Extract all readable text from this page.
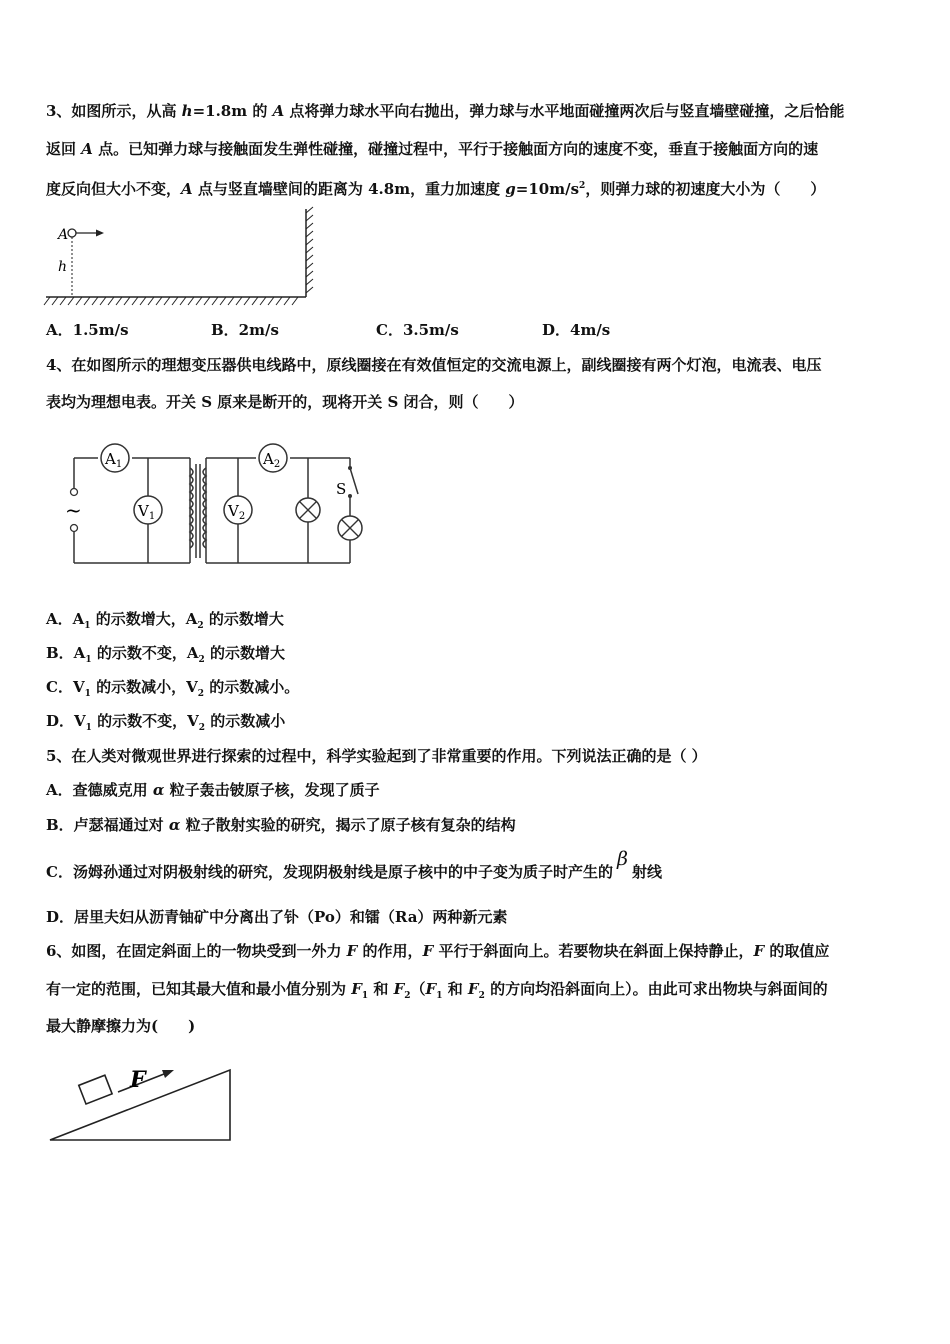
3、如图所示，从高 h=1.8m 的 A 点将弹力球水平向右抛出，弹力球与水平地面碰撞两次后与竖直墙壁碰撞，之后恰能
返回 A 点。已知弹力球与接触面发生弹性碰撞，碰撞过程中，平行于接触面方向的速度不变，垂直于接触面方向的速
度反向但大小不变，A 点与竖直墙壁间的距离为 4.8m，重力加速度 $g=10m/s^2$，则弹力球的初速度大小为（　　）
A
h
A．1.5m/s	B．2m/s	C．3.5m/s	D．4m/s
4、在如图所示的理想变压器供电线路中，原线圈接在有效值恒定的交流电源上，副线圈接有两个灯泡，电流表、电压
表均为理想电表。开关 S 原来是断开的，现将开关 S 闭合，则（　　）
~
$A_1$
$V_1$
$A_2$
$V_2$
S
A．$A_1$ 的示数增大，$A_2$ 的示数增大
B．$A_1$ 的示数不变，$A_2$ 的示数增大
C．$V_1$ 的示数减小，$V_2$ 的示数减小。
D．$V_1$ 的示数不变，$V_2$ 的示数减小
5、在人类对微观世界进行探索的过程中，科学实验起到了非常重要的作用。下列说法正确的是（ ）
A．查德威克用 α 粒子轰击铍原子核，发现了质子
B．卢瑟福通过对 α 粒子散射实验的研究，揭示了原子核有复杂的结构
C．汤姆孙通过对阴极射线的研究，发现阴极射线是原子核中的中子变为质子时产生的β射线
D．居里夫妇从沥青铀矿中分离出了钋（Po）和镭（Ra）两种新元素
6、如图，在固定斜面上的一物块受到一外力 F 的作用，F 平行于斜面向上。若要物块在斜面上保持静止，F 的取值应
有一定的范围，已知其最大值和最小值分别为 $F_1$ 和 $F_2(F_1$ 和 $F_2$ 的方向均沿斜面向上）。由此可求出物块与斜面间的
最大静摩擦力为(　　)
F
